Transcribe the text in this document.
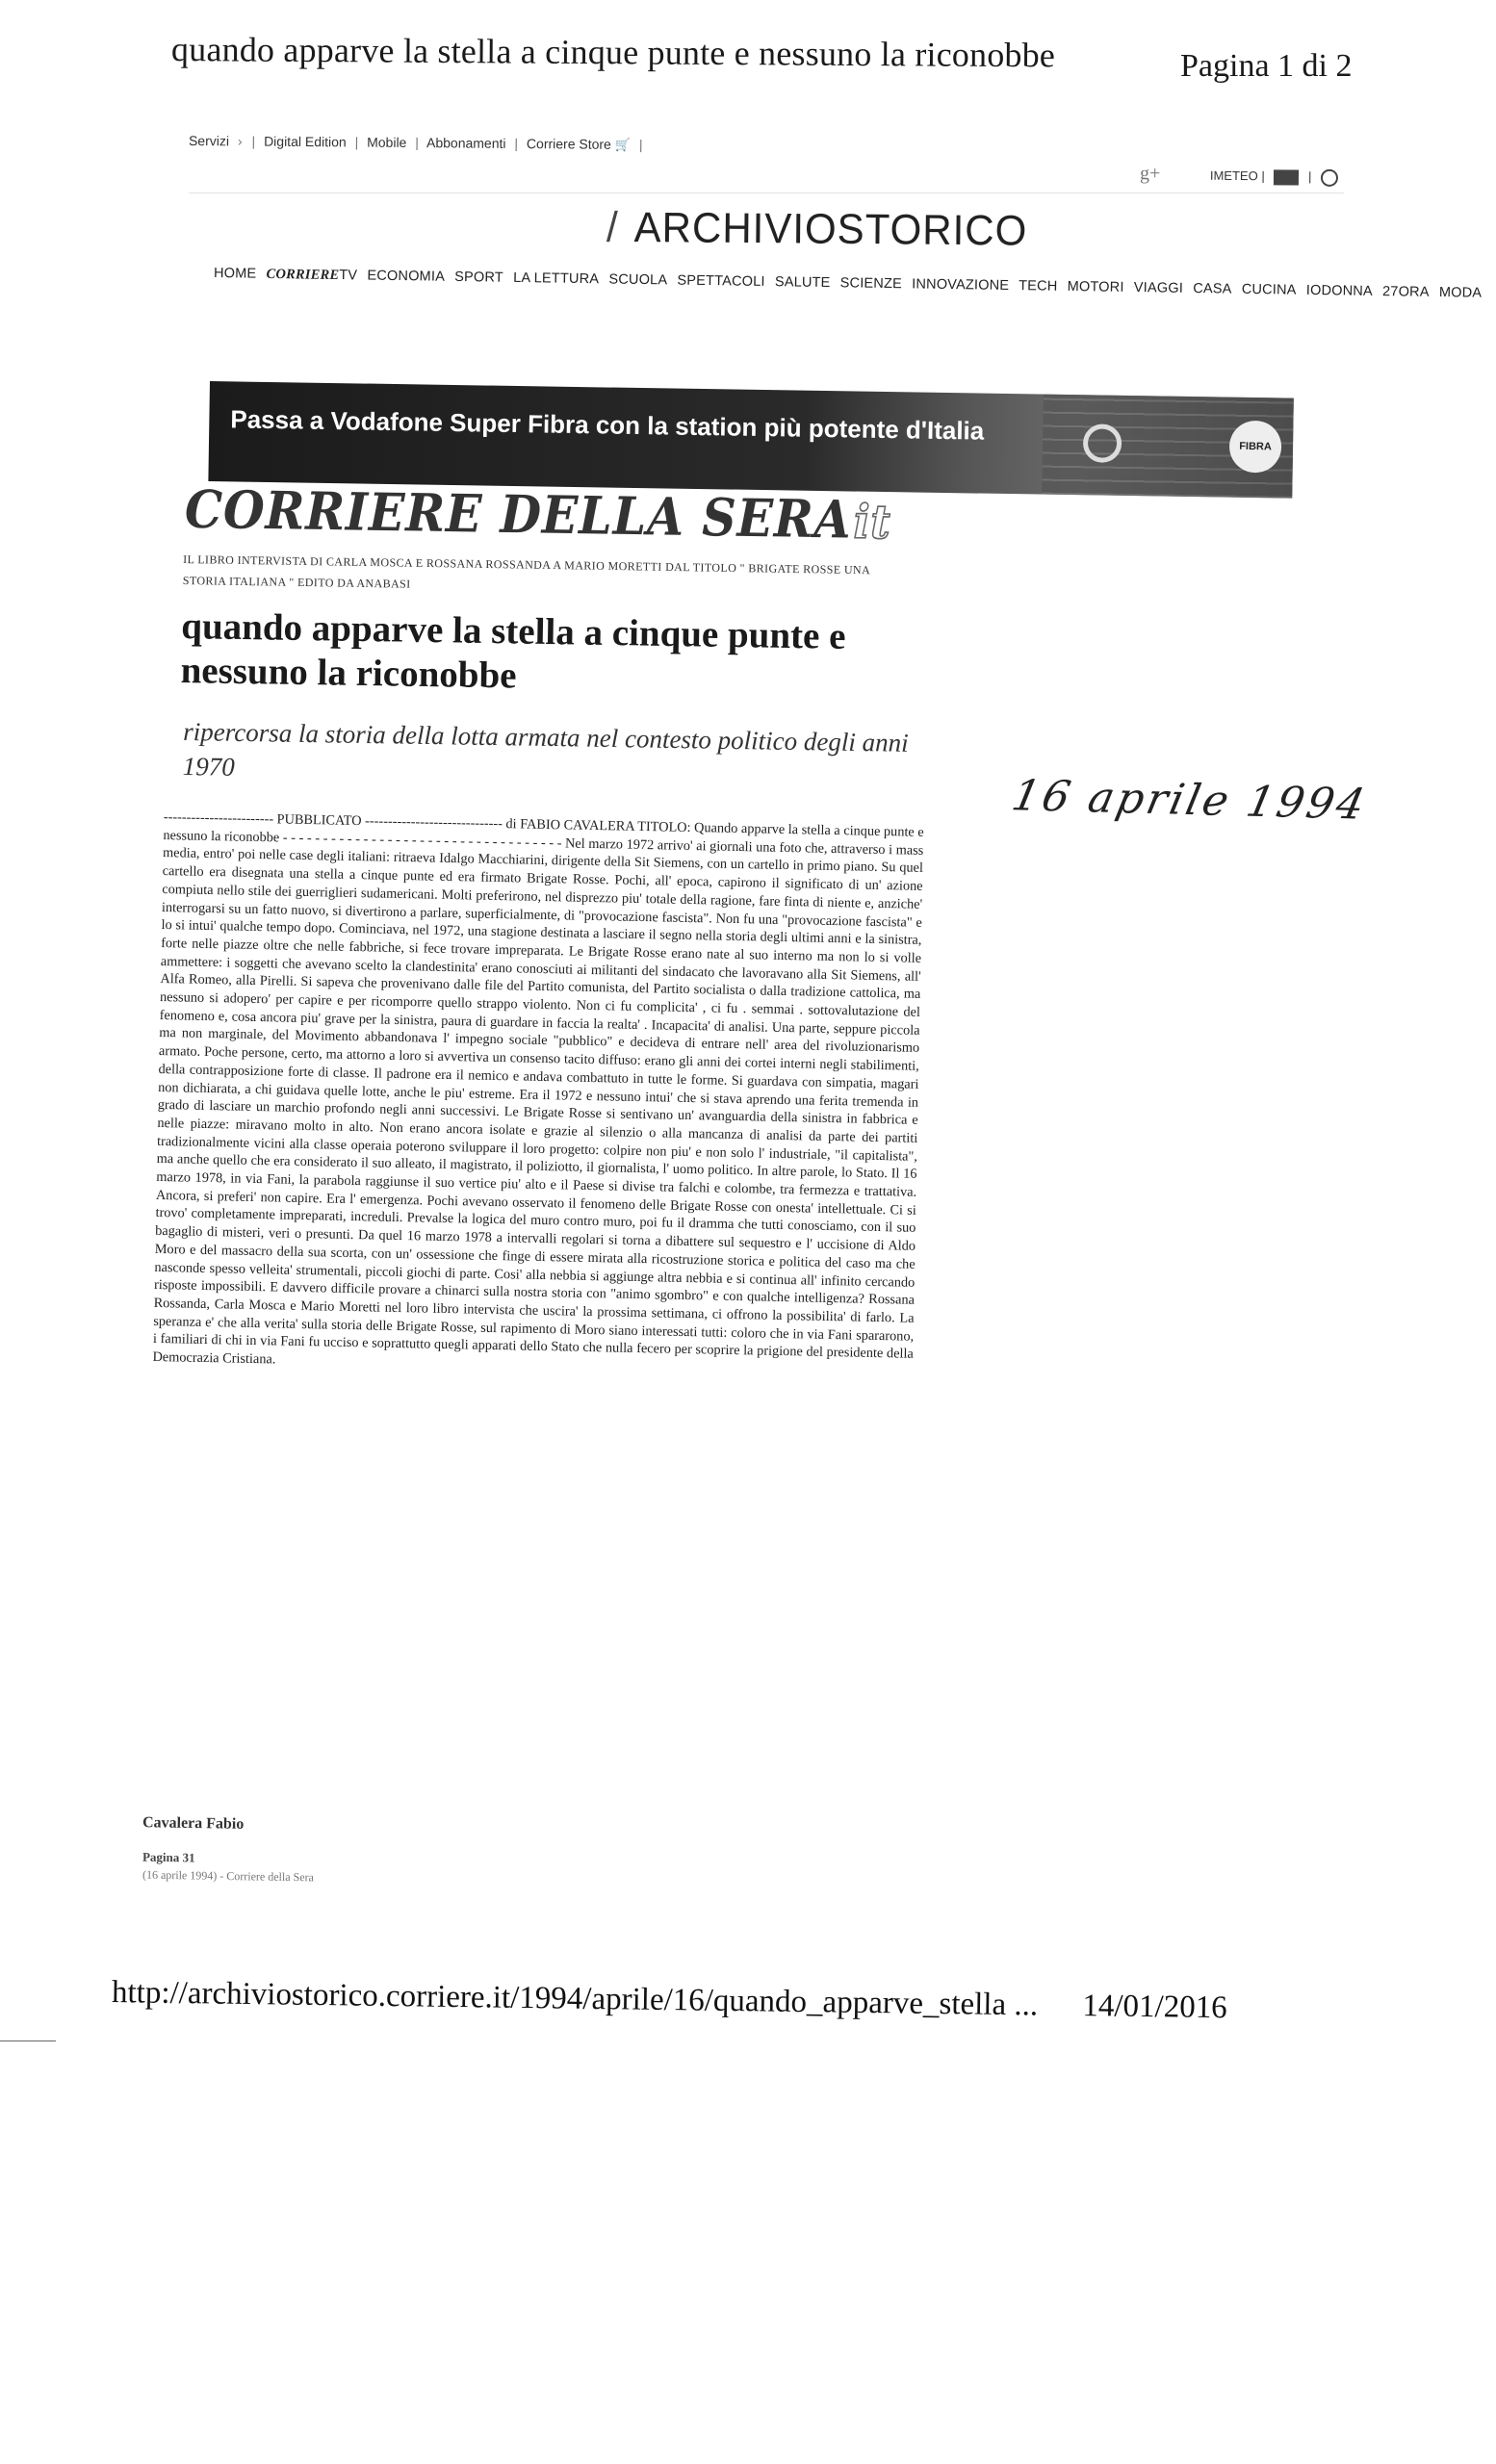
quando apparve la stella a cinque punte e nessuno la riconobbe	Pagina 1 di 2
Servizi › | Digital Edition | Mobile | Abbonamenti | Corriere Store 🛒 |
g+	IMETEO |	|
/ ARCHIVIOSTORICO
HOME CORRIERETV ECONOMIA SPORT LA LETTURA SCUOLA SPETTACOLI SALUTE SCIENZE INNOVAZIONE TECH MOTORI VIAGGI CASA CUCINA IODONNA 27ORA MODA
Passa a Vodafone Super Fibra con la station più potente d'Italia
FIBRA
CORRIERE DELLA SERAit
IL LIBRO INTERVISTA DI CARLA MOSCA E ROSSANA ROSSANDA A MARIO MORETTI DAL TITOLO " BRIGATE ROSSE UNA STORIA ITALIANA " EDITO DA ANABASI
quando apparve la stella a cinque punte e nessuno la riconobbe
ripercorsa la storia della lotta armata nel contesto politico degli anni 1970
16 aprile 1994
------------------------ PUBBLICATO ------------------------------ di FABIO CAVALERA TITOLO: Quando apparve la stella a cinque punte e nessuno la riconobbe - - - - - - - - - - - - - - - - - - - - - - - - - - - - - - - - - - - Nel marzo 1972 arrivo' ai giornali una foto che, attraverso i mass media, entro' poi nelle case degli italiani: ritraeva Idalgo Macchiarini, dirigente della Sit Siemens, con un cartello in primo piano. Su quel cartello era disegnata una stella a cinque punte ed era firmato Brigate Rosse. Pochi, all' epoca, capirono il significato di un' azione compiuta nello stile dei guerriglieri sudamericani. Molti preferirono, nel disprezzo piu' totale della ragione, fare finta di niente e, anziche' interrogarsi su un fatto nuovo, si divertirono a parlare, superficialmente, di "provocazione fascista". Non fu una "provocazione fascista" e lo si intui' qualche tempo dopo. Cominciava, nel 1972, una stagione destinata a lasciare il segno nella storia degli ultimi anni e la sinistra, forte nelle piazze oltre che nelle fabbriche, si fece trovare impreparata. Le Brigate Rosse erano nate al suo interno ma non lo si volle ammettere: i soggetti che avevano scelto la clandestinita' erano conosciuti ai militanti del sindacato che lavoravano alla Sit Siemens, all' Alfa Romeo, alla Pirelli. Si sapeva che provenivano dalle file del Partito comunista, del Partito socialista o dalla tradizione cattolica, ma nessuno si adopero' per capire e per ricomporre quello strappo violento. Non ci fu complicita' , ci fu . semmai . sottovalutazione del fenomeno e, cosa ancora piu' grave per la sinistra, paura di guardare in faccia la realta' . Incapacita' di analisi. Una parte, seppure piccola ma non marginale, del Movimento abbandonava l' impegno sociale "pubblico" e decideva di entrare nell' area del rivoluzionarismo armato. Poche persone, certo, ma attorno a loro si avvertiva un consenso tacito diffuso: erano gli anni dei cortei interni negli stabilimenti, della contrapposizione forte di classe. Il padrone era il nemico e andava combattuto in tutte le forme. Si guardava con simpatia, magari non dichiarata, a chi guidava quelle lotte, anche le piu' estreme. Era il 1972 e nessuno intui' che si stava aprendo una ferita tremenda in grado di lasciare un marchio profondo negli anni successivi. Le Brigate Rosse si sentivano un' avanguardia della sinistra in fabbrica e nelle piazze: miravano molto in alto. Non erano ancora isolate e grazie al silenzio o alla mancanza di analisi da parte dei partiti tradizionalmente vicini alla classe operaia poterono sviluppare il loro progetto: colpire non piu' e non solo l' industriale, "il capitalista", ma anche quello che era considerato il suo alleato, il magistrato, il poliziotto, il giornalista, l' uomo politico. In altre parole, lo Stato. Il 16 marzo 1978, in via Fani, la parabola raggiunse il suo vertice piu' alto e il Paese si divise tra falchi e colombe, tra fermezza e trattativa. Ancora, si preferi' non capire. Era l' emergenza. Pochi avevano osservato il fenomeno delle Brigate Rosse con onesta' intellettuale. Ci si trovo' completamente impreparati, increduli. Prevalse la logica del muro contro muro, poi fu il dramma che tutti conosciamo, con il suo bagaglio di misteri, veri o presunti. Da quel 16 marzo 1978 a intervalli regolari si torna a dibattere sul sequestro e l' uccisione di Aldo Moro e del massacro della sua scorta, con un' ossessione che finge di essere mirata alla ricostruzione storica e politica del caso ma che nasconde spesso velleita' strumentali, piccoli giochi di parte. Cosi' alla nebbia si aggiunge altra nebbia e si continua all' infinito cercando risposte impossibili. E davvero difficile provare a chinarci sulla nostra storia con "animo sgombro" e con qualche intelligenza? Rossana Rossanda, Carla Mosca e Mario Moretti nel loro libro intervista che uscira' la prossima settimana, ci offrono la possibilita' di farlo. La speranza e' che alla verita' sulla storia delle Brigate Rosse, sul rapimento di Moro siano interessati tutti: coloro che in via Fani spararono, i familiari di chi in via Fani fu ucciso e soprattutto quegli apparati dello Stato che nulla fecero per scoprire la prigione del presidente della Democrazia Cristiana.
Cavalera Fabio
Pagina 31
(16 aprile 1994) - Corriere della Sera
http://archiviostorico.corriere.it/1994/aprile/16/quando_apparve_stella ... 14/01/2016
